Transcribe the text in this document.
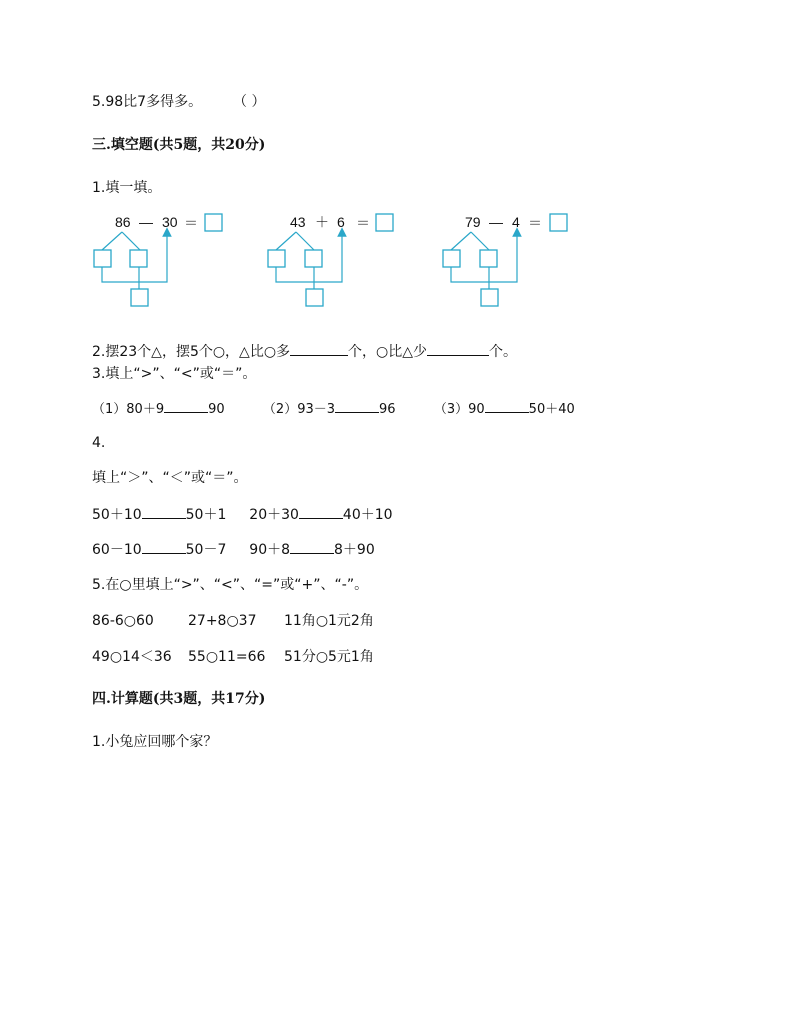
5.98比7多得多。 （ ）
三.填空题(共5题，共20分)
1.填一填。
86 — 30 ＝	43 ＋ 6 ＝	79 — 4 ＝
2.摆23个△，摆5个○，△比○多	个，○比△少	个。
3.填上“>”、“<”或“＝”。
（1）80＋9	90	（2）93－3	96	（3）90	50＋40
4.
填上“＞”、“＜”或“＝”。
50＋10	50＋1 20＋30	40＋10
60－10	50－7 90＋8	8＋90
5.在○里填上“>”、“<”、“=”或“+”、“-”。
86-6○60 27+8○37 11角○1元2角
49○14＜36 55○11=66 51分○5元1角
四.计算题(共3题，共17分)
1.小兔应回哪个家？
